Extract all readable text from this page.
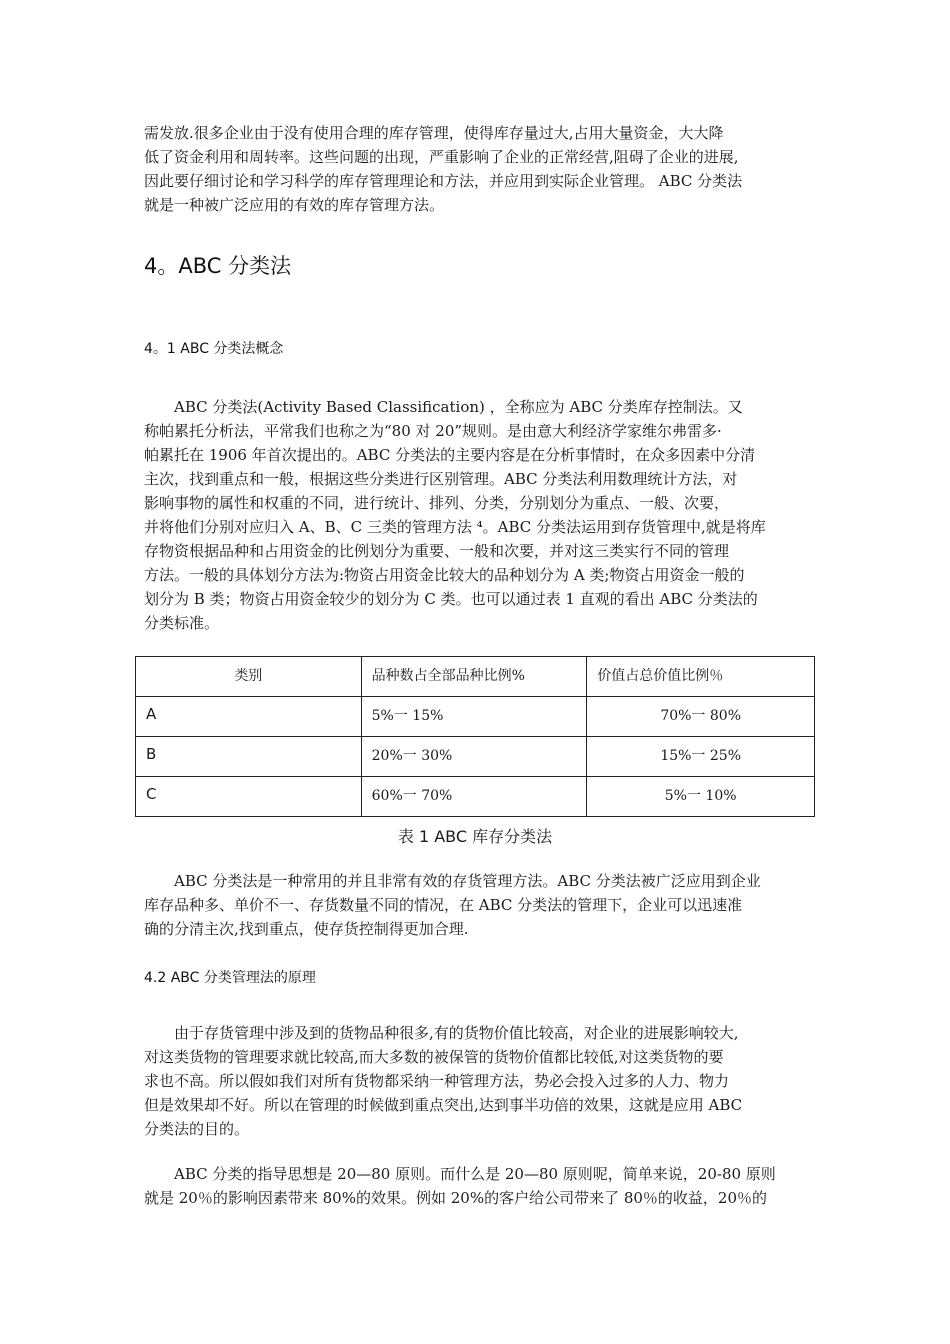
需发放.很多企业由于没有使用合理的库存管理，使得库存量过大,占用大量资金，大大降
低了资金利用和周转率。这些问题的出现，严重影响了企业的正常经营,阻碍了企业的进展,
因此要仔细讨论和学习科学的库存管理理论和方法，并应用到实际企业管理。 ABC 分类法
就是一种被广泛应用的有效的库存管理方法。

4。ABC 分类法
4。1 ABC 分类法概念

ABC 分类法(Activity Based Classification) ，全称应为 ABC 分类库存控制法。又
称帕累托分析法，平常我们也称之为“80 对 20”规则。是由意大利经济学家维尔弗雷多·
帕累托在 1906 年首次提出的。ABC 分类法的主要内容是在分析事情时，在众多因素中分清
主次，找到重点和一般，根据这些分类进行区别管理。ABC 分类法利用数理统计方法，对
影响事物的属性和权重的不同，进行统计、排列、分类，分别划分为重点、一般、次要，
并将他们分别对应归入 A、B、C 三类的管理方法 ⁴。ABC 分类法运用到存货管理中,就是将库
存物资根据品种和占用资金的比例划分为重要、一般和次要，并对这三类实行不同的管理
方法。一般的具体划分方法为:物资占用资金比较大的品种划分为 A 类;物资占用资金一般的
划分为 B 类；物资占用资金较少的划分为 C 类。也可以通过表 1 直观的看出 ABC 分类法的
分类标准。

类别	品种数占全部品种比例%	价值占总价值比例％
A	5%一 15%	70%一 80%
B	20%一 30%	15%一 25%
C	60%一 70%	5%一 10%

表 1 ABC 库存分类法

ABC 分类法是一种常用的并且非常有效的存货管理方法。ABC 分类法被广泛应用到企业
库存品种多、单价不一、存货数量不同的情况，在 ABC 分类法的管理下，企业可以迅速准
确的分清主次,找到重点，使存货控制得更加合理.

4.2 ABC 分类管理法的原理

由于存货管理中涉及到的货物品种很多,有的货物价值比较高，对企业的进展影响较大,
对这类货物的管理要求就比较高,而大多数的被保管的货物价值都比较低,对这类货物的要
求也不高。所以假如我们对所有货物都采纳一种管理方法，势必会投入过多的人力、物力
但是效果却不好。所以在管理的时候做到重点突出,达到事半功倍的效果，这就是应用 ABC
分类法的目的。

ABC 分类的指导思想是 20—80 原则。而什么是 20—80 原则呢，简单来说，20-80 原则
就是 20％的影响因素带来 80%的效果。例如 20%的客户给公司带来了 80％的收益，20％的
